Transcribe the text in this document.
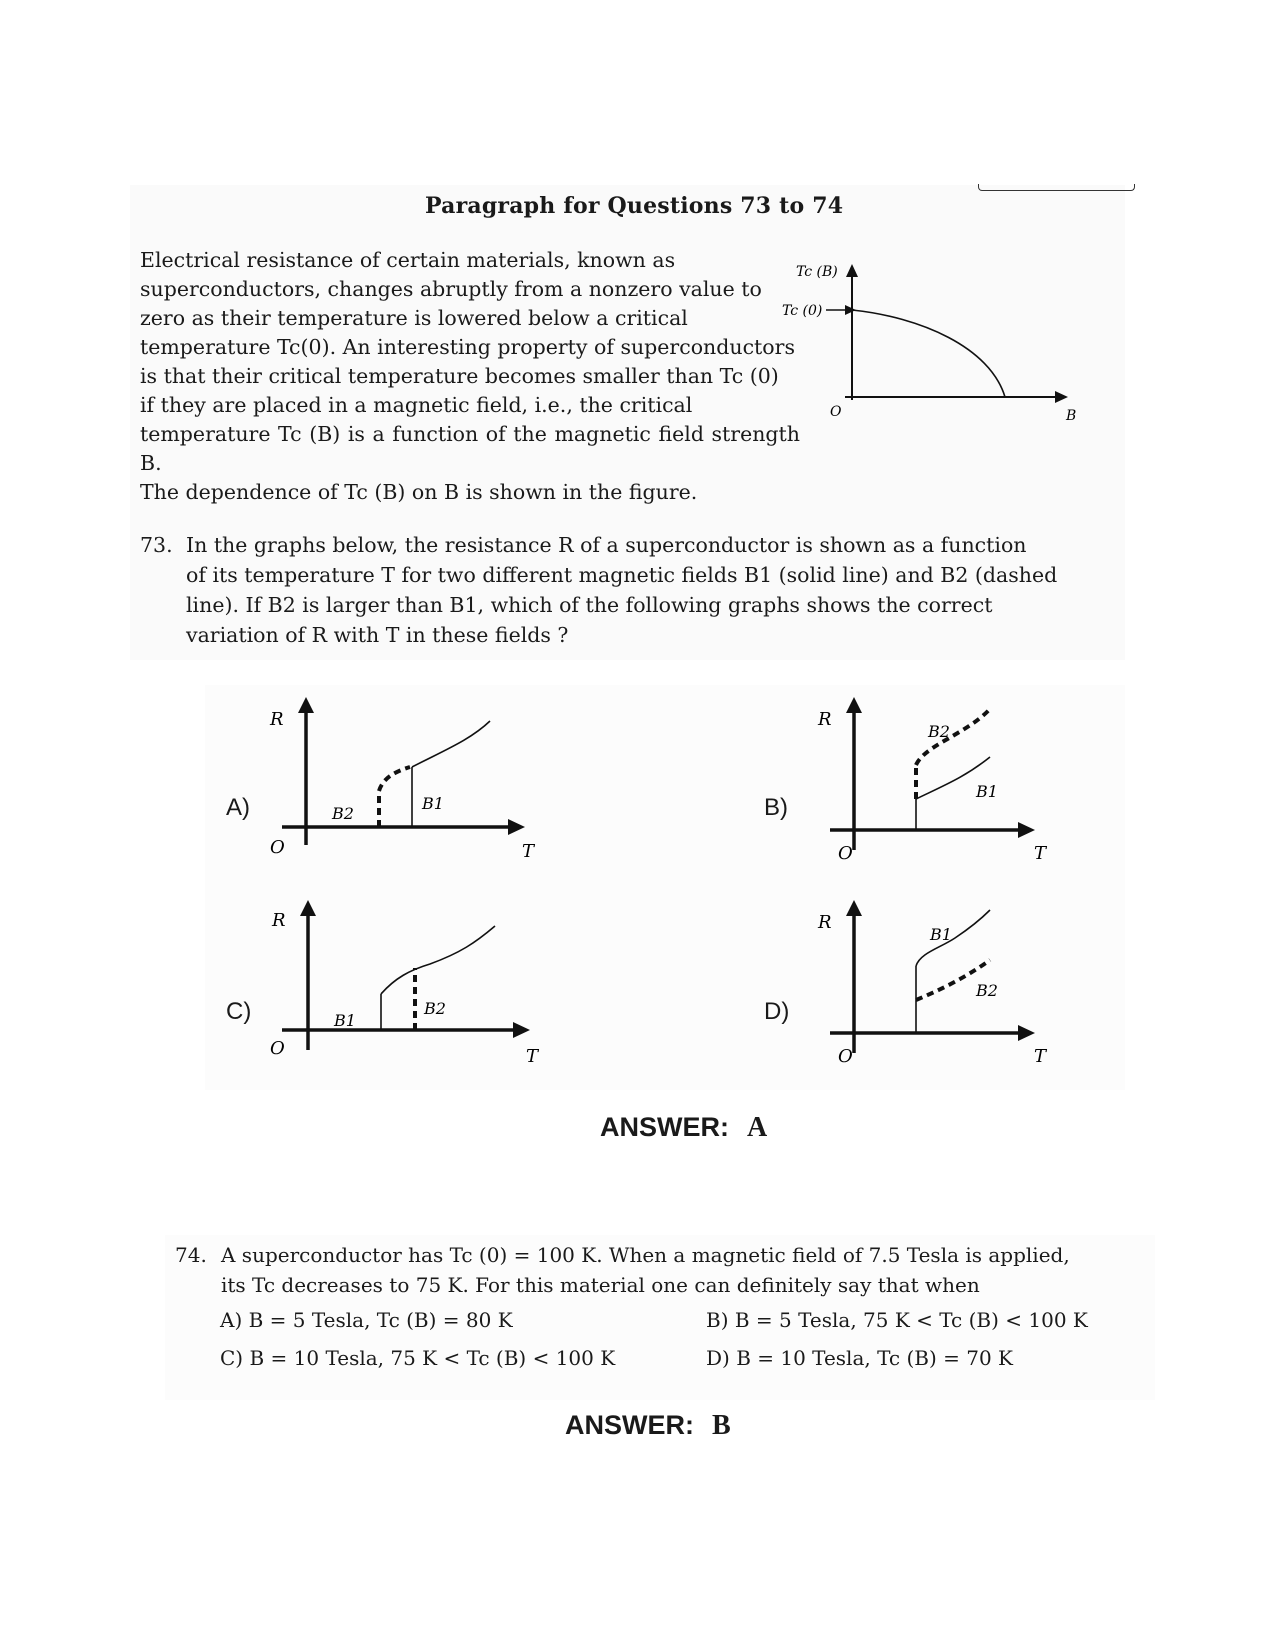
Paragraph for Questions 73 to 74
Electrical resistance of certain materials, known as
superconductors, changes abruptly from a nonzero value to
zero as their temperature is lowered below a critical
temperature Tc(0). An interesting property of superconductors
is that their critical temperature becomes smaller than Tc (0)
if they are placed in a magnetic field, i.e., the critical
temperature Tc (B) is a function of the magnetic field strength B.
The dependence of Tc (B) on B is shown in the figure.
Tc (B)
Tc (0)
B
O
73. In the graphs below, the resistance R of a superconductor is shown as a function
of its temperature T for two different magnetic fields B1 (solid line) and B2 (dashed
line). If B2 is larger than B1, which of the following graphs shows the correct
variation of R with T in these fields ?
A)
R
T
O
B2
B1	B)
R
T
O
B2
B1
C)
R
T
O
B1
B2	D)
R
T
O
B1
B2
ANSWER: A
74. A superconductor has Tc (0) = 100 K. When a magnetic field of 7.5 Tesla is applied,
its Tc decreases to 75 K. For this material one can definitely say that when
A) B = 5 Tesla, Tc (B) = 80 K	B) B = 5 Tesla, 75 K < Tc (B) < 100 K
C) B = 10 Tesla, 75 K < Tc (B) < 100 K	D) B = 10 Tesla, Tc (B) = 70 K
ANSWER: B
